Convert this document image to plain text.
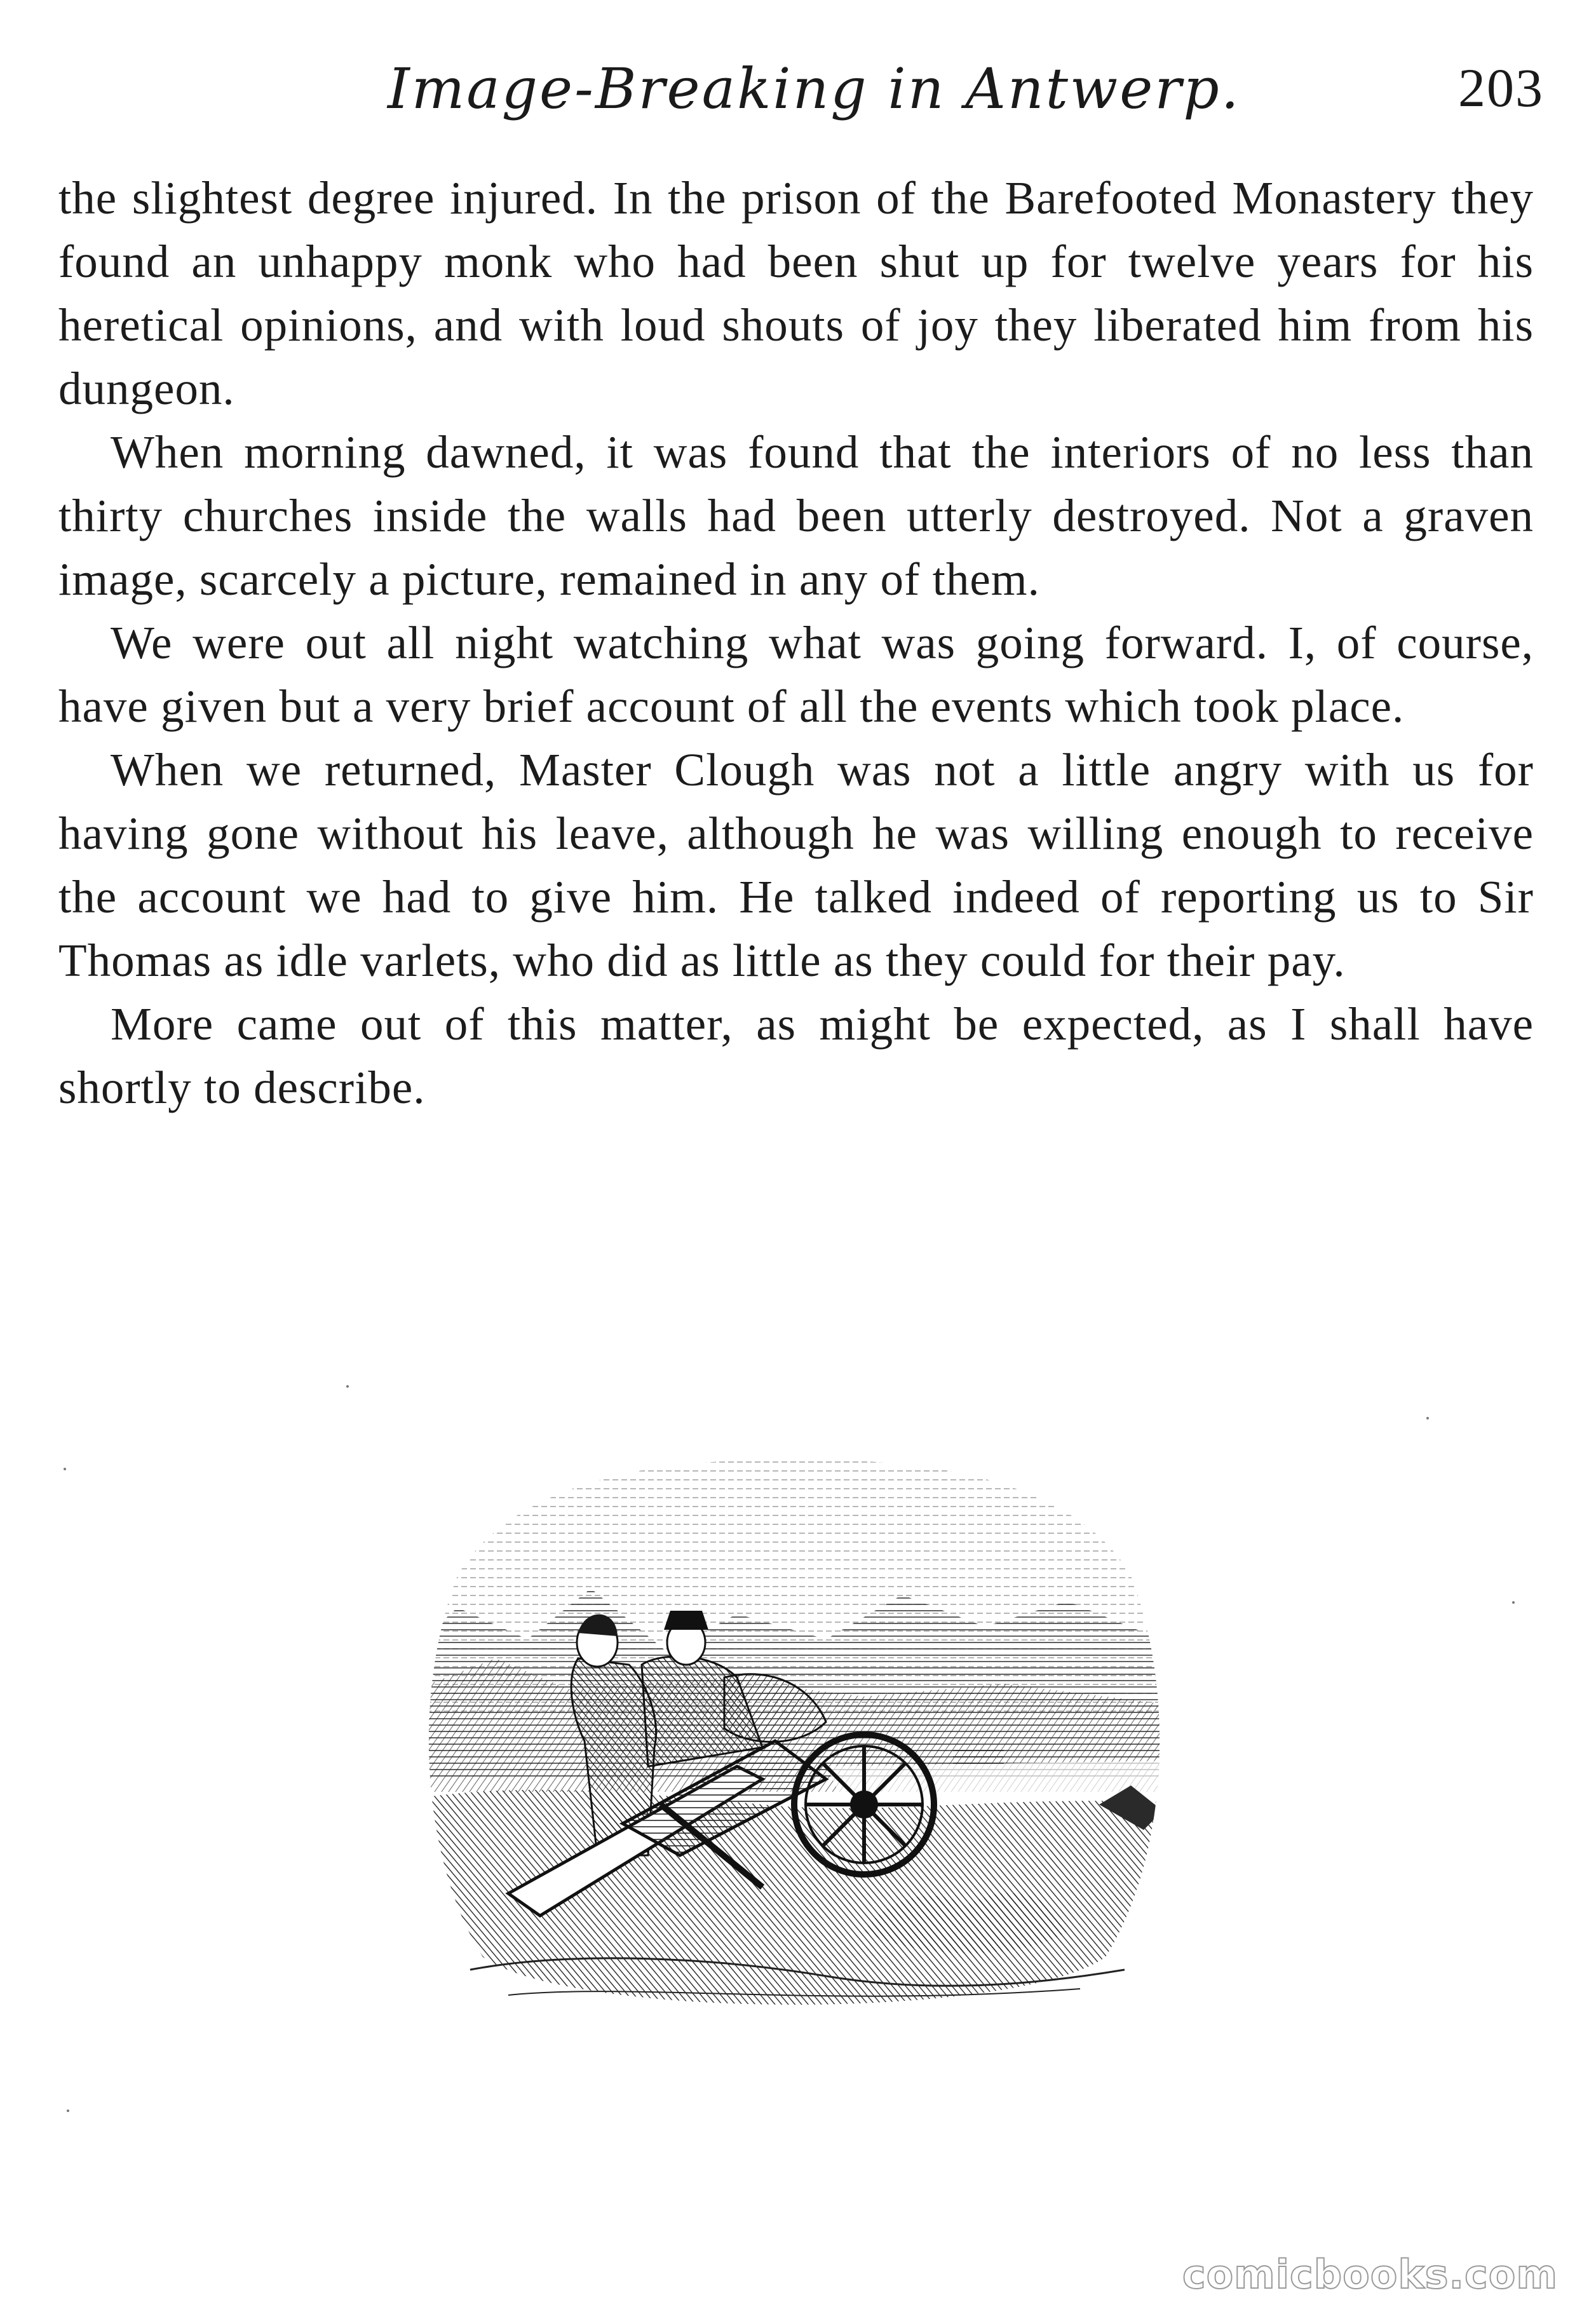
Image-Breaking in Antwerp.	203

the slightest degree injured. In the prison of the Barefooted Monastery they found an unhappy monk who had been shut up for twelve years for his heretical opinions, and with loud shouts of joy they liberated him from his dungeon.

When morning dawned, it was found that the interiors of no less than thirty churches inside the walls had been utterly destroyed. Not a graven image, scarcely a picture, remained in any of them.

We were out all night watching what was going forward. I, of course, have given but a very brief account of all the events which took place.

When we returned, Master Clough was not a little angry with us for having gone without his leave, although he was willing enough to receive the account we had to give him. He talked indeed of reporting us to Sir Thomas as idle varlets, who did as little as they could for their pay.

More came out of this matter, as might be expected, as I shall have shortly to describe.

comicbooks.com
